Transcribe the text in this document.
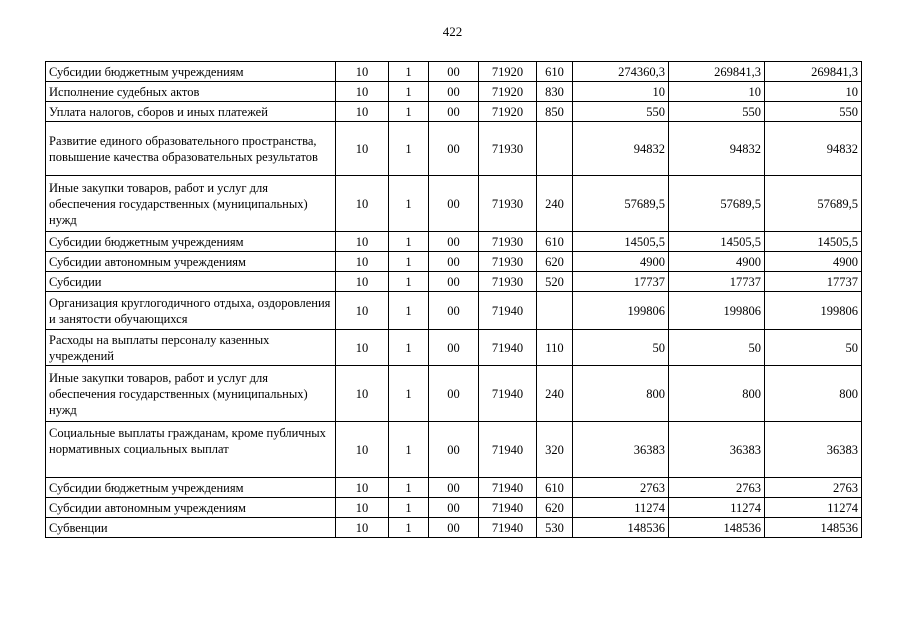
422
Субсидии бюджетным учреждениям	10	1	00	71920	610	274360,3	269841,3	269841,3
Исполнение судебных актов	10	1	00	71920	830	10	10	10
Уплата налогов, сборов и иных платежей	10	1	00	71920	850	550	550	550
Развитие единого образовательного пространства, повышение качества образовательных результатов	10	1	00	71930		94832	94832	94832
Иные закупки товаров, работ и услуг для обеспечения государственных (муниципальных) нужд	10	1	00	71930	240	57689,5	57689,5	57689,5
Субсидии бюджетным учреждениям	10	1	00	71930	610	14505,5	14505,5	14505,5
Субсидии автономным учреждениям	10	1	00	71930	620	4900	4900	4900
Субсидии	10	1	00	71930	520	17737	17737	17737
Организация круглогодичного отдыха, оздоровления и занятости обучающихся	10	1	00	71940		199806	199806	199806
Расходы на выплаты персоналу казенных учреждений	10	1	00	71940	110	50	50	50
Иные закупки товаров, работ и услуг для обеспечения государственных (муниципальных) нужд	10	1	00	71940	240	800	800	800
Социальные выплаты гражданам, кроме публичных нормативных социальных выплат	10	1	00	71940	320	36383	36383	36383
Субсидии бюджетным учреждениям	10	1	00	71940	610	2763	2763	2763
Субсидии автономным учреждениям	10	1	00	71940	620	11274	11274	11274
Субвенции	10	1	00	71940	530	148536	148536	148536
